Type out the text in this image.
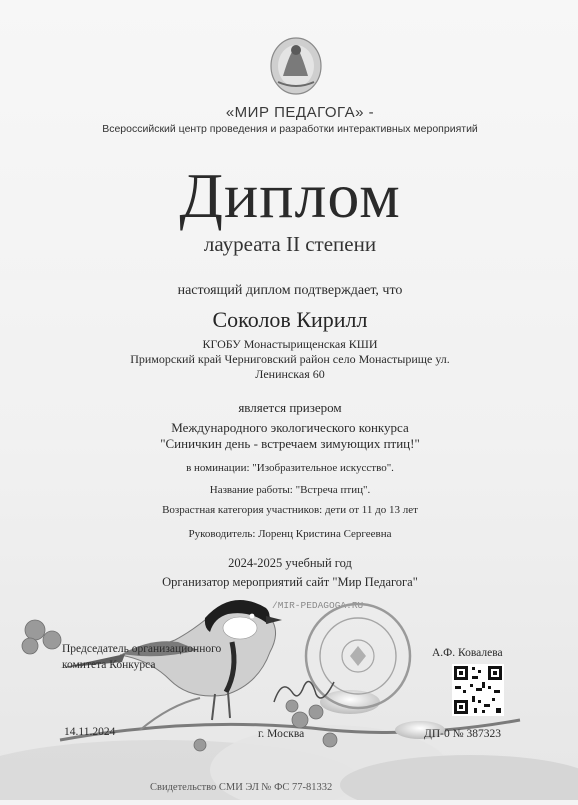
«МИР ПЕДАГОГА» -
Всероссийский центр проведения и разработки интерактивных мероприятий
Диплом
лауреата II степени
настоящий диплом подтверждает, что
Соколов Кирилл
КГОБУ Монастырищенская КШИ
Приморский край Черниговский район село Монастырище ул.
Ленинская 60
является призером
Международного экологического конкурса
"Синичкин день - встречаем зимующих птиц!"
в номинации: "Изобразительное искусство".
Название работы: "Встреча птиц".
Возрастная категория участников: дети от 11 до 13 лет
Руководитель: Лоренц Кристина Сергеевна
2024-2025 учебный год
Организатор мероприятий сайт "Мир Педагога"
/MIR-PEDAGOGA.RU
Председатель организационного
комитета Конкурса
А.Ф. Ковалева
14.11.2024	г. Москва	ДП-0 № 387323
Свидетельство СМИ ЭЛ № ФС 77-81332
